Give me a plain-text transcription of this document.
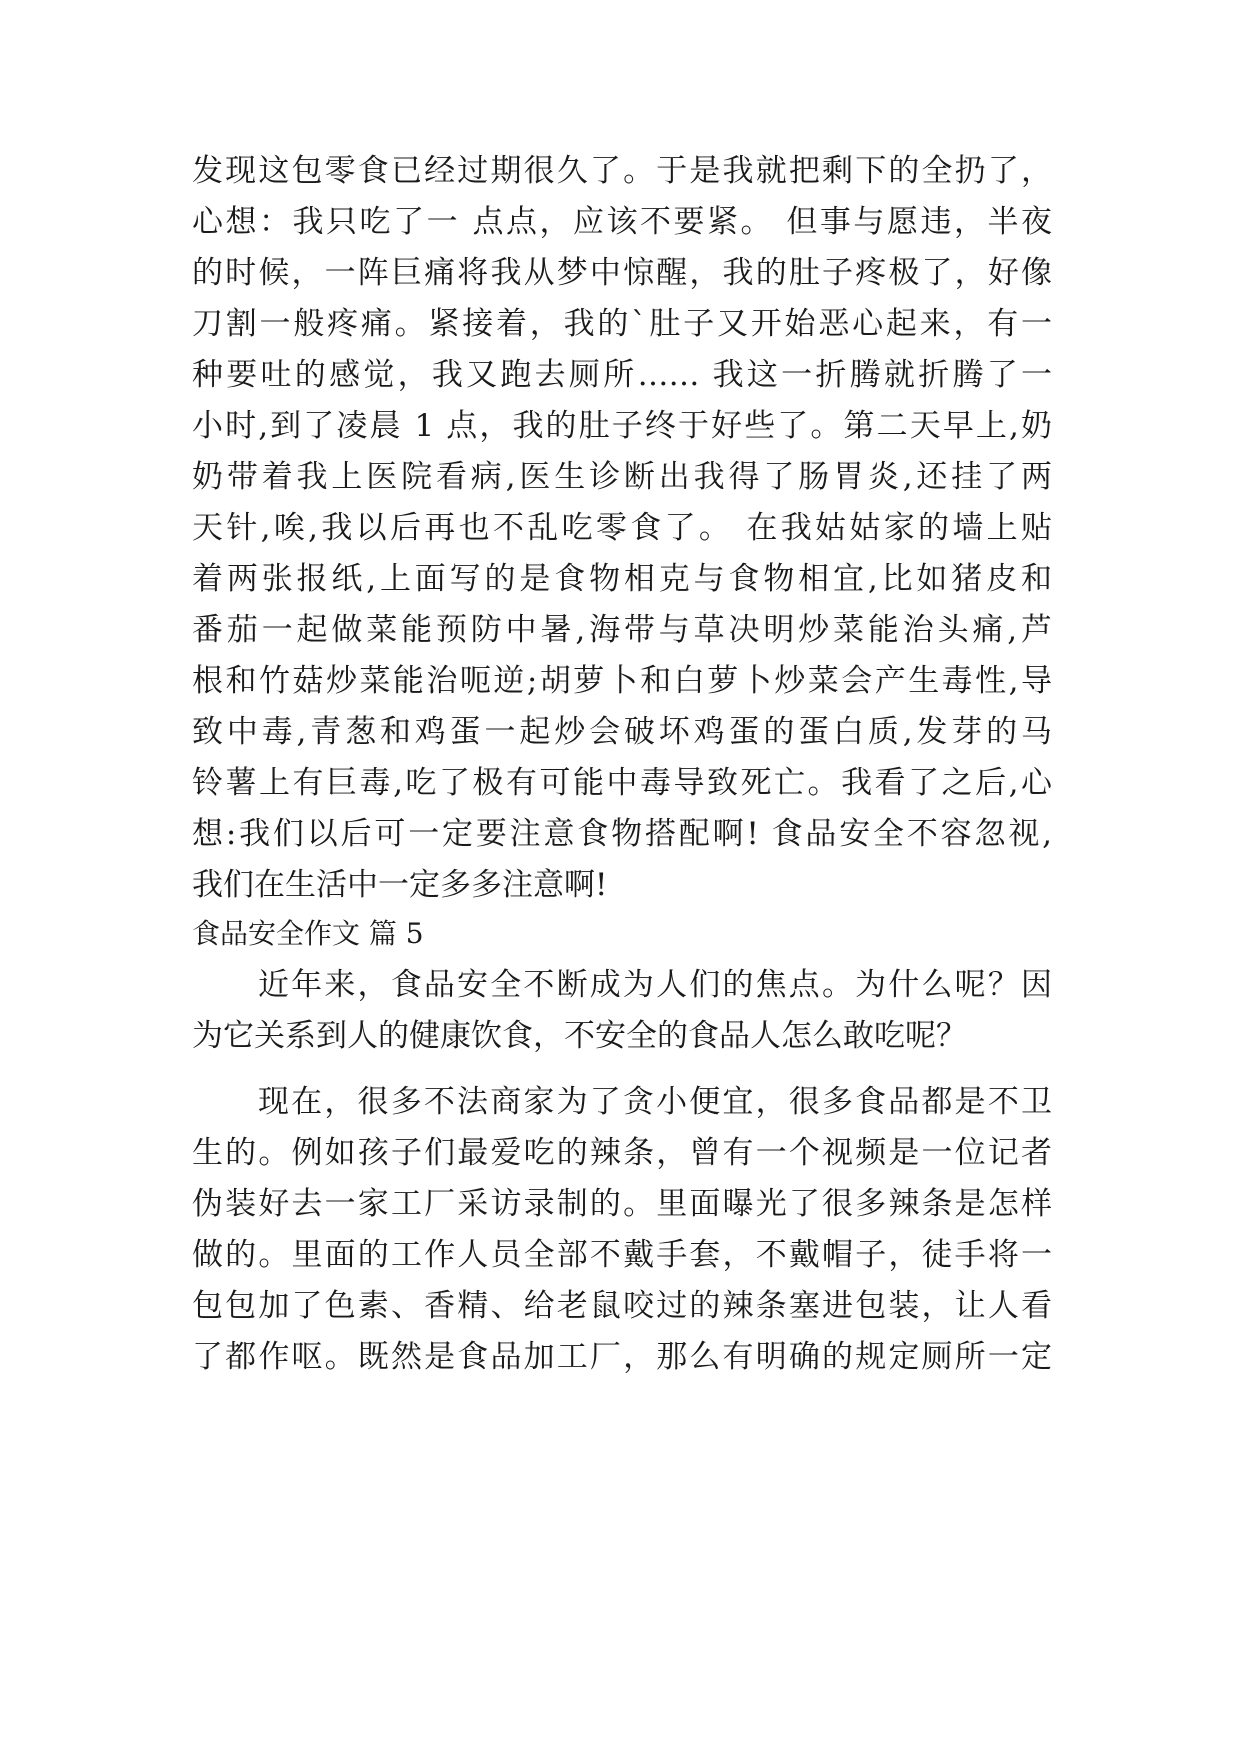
发现这包零食已经过期很久了。于是我就把剩下的全扔了，
心想：我只吃了一 点点，应该不要紧。 但事与愿违，半夜
的时候，一阵巨痛将我从梦中惊醒，我的肚子疼极了，好像
刀割一般疼痛。紧接着，我的`肚子又开始恶心起来，有一
种要吐的感觉，我又跑去厕所…… 我这一折腾就折腾了一
小时,到了凌晨 1 点，我的肚子终于好些了。第二天早上,奶
奶带着我上医院看病,医生诊断出我得了肠胃炎,还挂了两
天针,唉,我以后再也不乱吃零食了。 在我姑姑家的墙上贴
着两张报纸,上面写的是食物相克与食物相宜,比如猪皮和
番茄一起做菜能预防中暑,海带与草决明炒菜能治头痛,芦
根和竹菇炒菜能治呃逆;胡萝卜和白萝卜炒菜会产生毒性,导
致中毒,青葱和鸡蛋一起炒会破坏鸡蛋的蛋白质,发芽的马
铃薯上有巨毒,吃了极有可能中毒导致死亡。我看了之后,心
想:我们以后可一定要注意食物搭配啊! 食品安全不容忽视,
我们在生活中一定多多注意啊!
食品安全作文 篇 5
近年来，食品安全不断成为人们的焦点。为什么呢？因
为它关系到人的健康饮食，不安全的食品人怎么敢吃呢？
现在，很多不法商家为了贪小便宜，很多食品都是不卫
生的。例如孩子们最爱吃的辣条，曾有一个视频是一位记者
伪装好去一家工厂采访录制的。里面曝光了很多辣条是怎样
做的。里面的工作人员全部不戴手套，不戴帽子，徒手将一
包包加了色素、香精、给老鼠咬过的辣条塞进包装，让人看
了都作呕。既然是食品加工厂，那么有明确的规定厕所一定
